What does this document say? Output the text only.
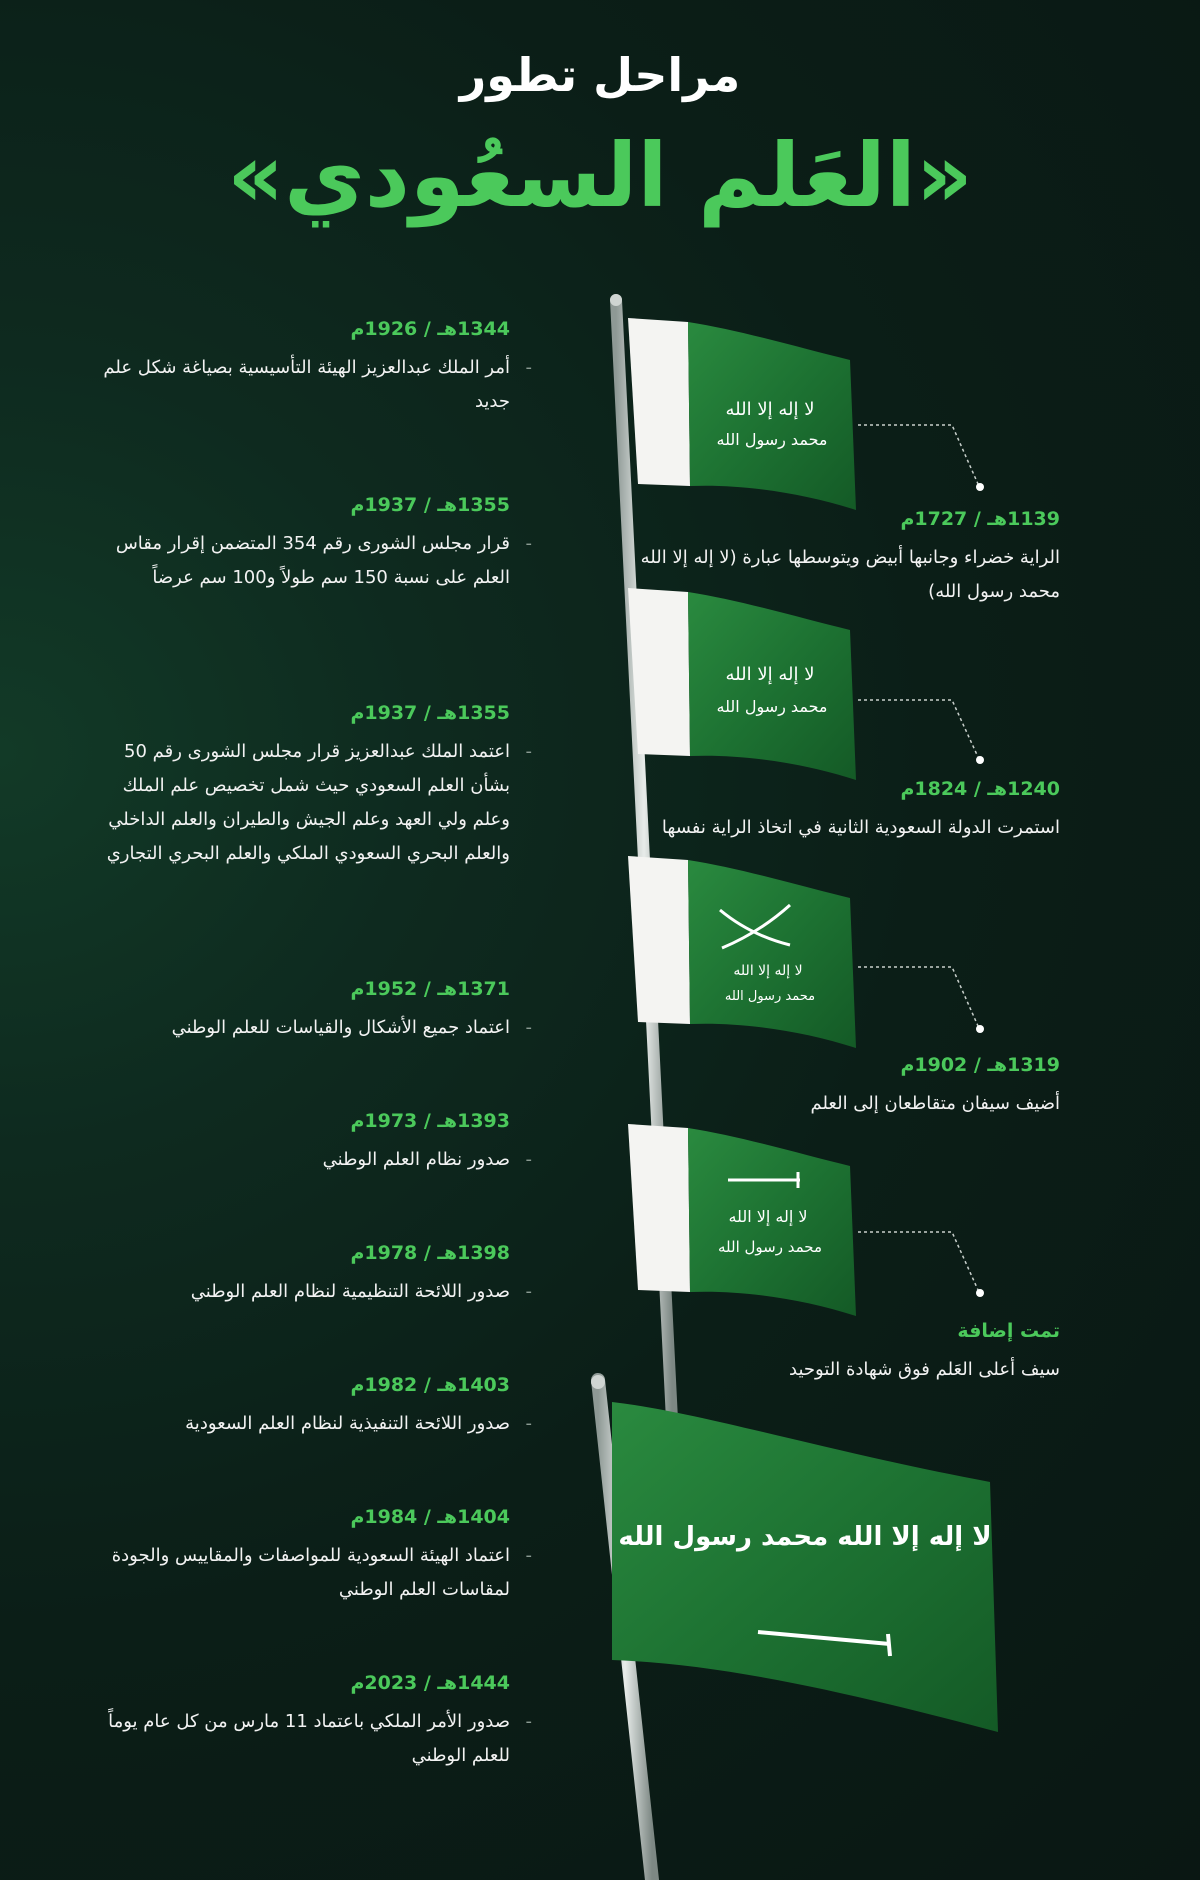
مراحل تطور
«العَلم السعُودي»
لا إله إلا الله
محمد رسول الله
لا إله إلا الله
محمد رسول الله
لا إله إلا الله
محمد رسول الله
لا إله إلا الله
محمد رسول الله
لا إله إلا الله محمد رسول الله
1344هـ / 1926م
- أمر الملك عبدالعزيز الهيئة التأسيسية بصياغة شكل علم جديد
1355هـ / 1937م
- قرار مجلس الشورى رقم 354 المتضمن إقرار مقاس العلم على نسبة 150 سم طولاً و100 سم عرضاً
1355هـ / 1937م
- اعتمد الملك عبدالعزيز قرار مجلس الشورى رقم 50 بشأن العلم السعودي حيث شمل تخصيص علم الملك وعلم ولي العهد وعلم الجيش والطيران والعلم الداخلي والعلم البحري السعودي الملكي والعلم البحري التجاري
1371هـ / 1952م
- اعتماد جميع الأشكال والقياسات للعلم الوطني
1393هـ / 1973م
- صدور نظام العلم الوطني
1398هـ / 1978م
- صدور اللائحة التنظيمية لنظام العلم الوطني
1403هـ / 1982م
- صدور اللائحة التنفيذية لنظام العلم السعودية
1404هـ / 1984م
- اعتماد الهيئة السعودية للمواصفات والمقاييس والجودة لمقاسات العلم الوطني
1444هـ / 2023م
- صدور الأمر الملكي باعتماد 11 مارس من كل عام يوماً للعلم الوطني
1139هـ / 1727م
الراية خضراء وجانبها أبيض ويتوسطها عبارة (لا إله إلا الله محمد رسول الله)
1240هـ / 1824م
استمرت الدولة السعودية الثانية في اتخاذ الراية نفسها
1319هـ / 1902م
أضيف سيفان متقاطعان إلى العلم
تمت إضافة
سيف أعلى العَلم فوق شهادة التوحيد
